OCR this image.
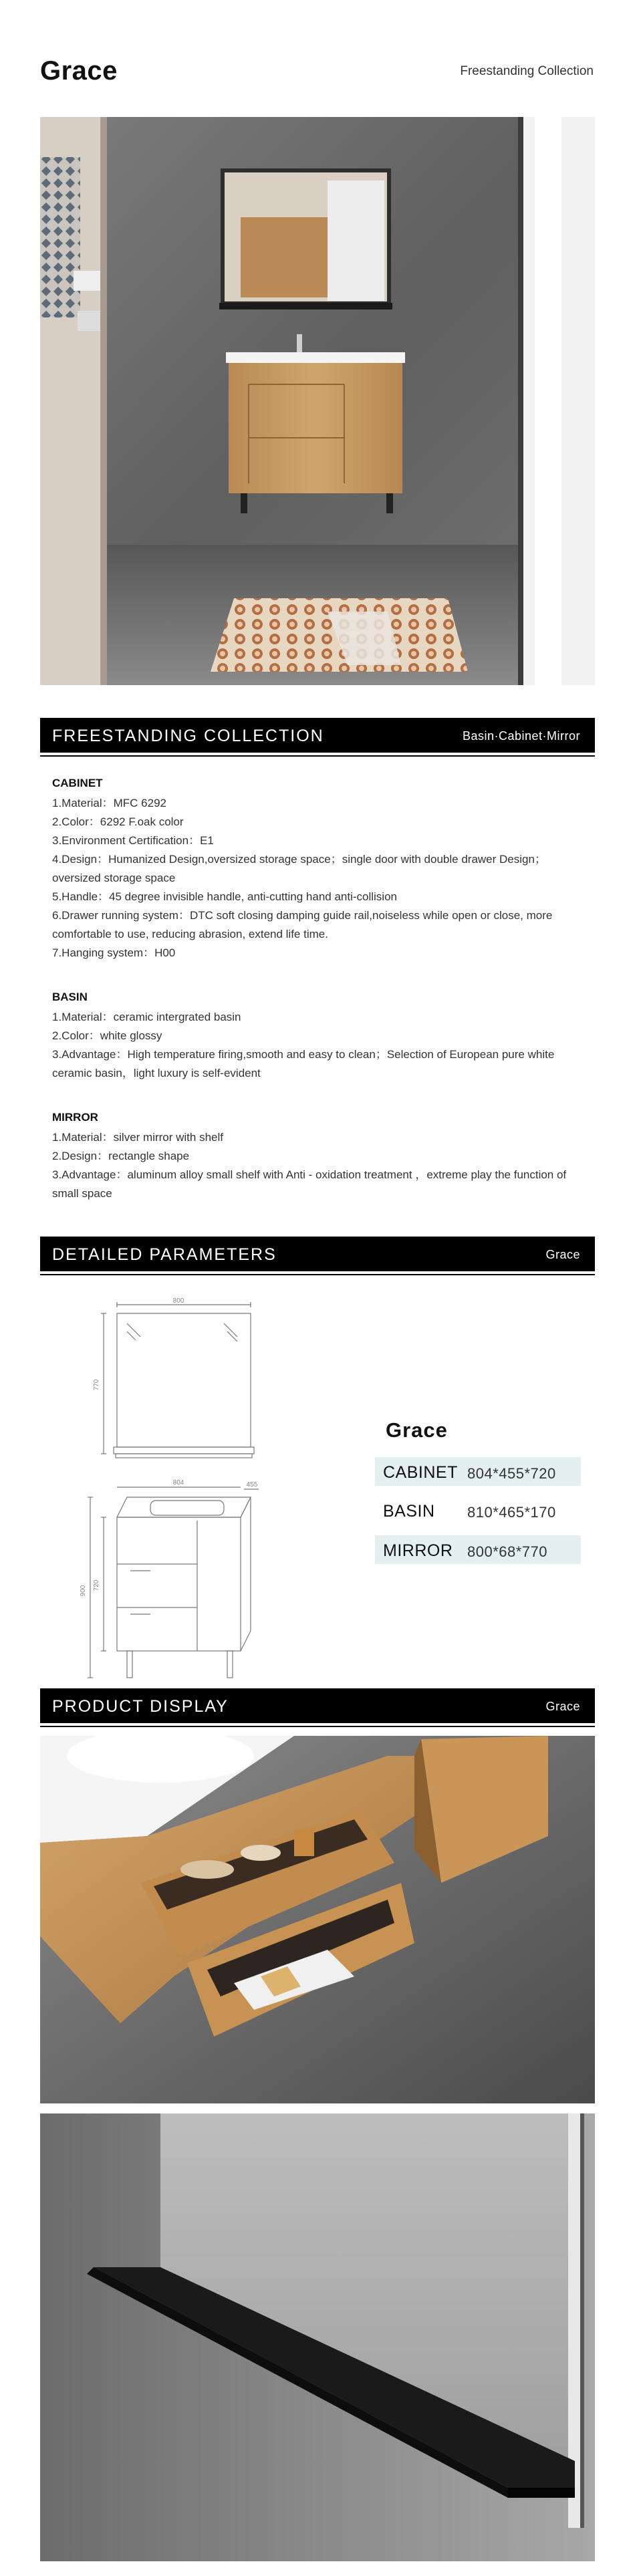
Grace	Freestanding Collection
FREESTANDING COLLECTION	Basin·Cabinet·Mirror
CABINET
1.Material：MFC 6292
2.Color：6292 F.oak color
3.Environment Certification：E1
4.Design：Humanized Design,oversized storage space；single door with double drawer Design；oversized storage space
5.Handle：45 degree invisible handle, anti-cutting hand anti-collision
6.Drawer running system：DTC soft closing damping guide rail,noiseless while open or close, more comfortable to use, reducing abrasion, extend life time.
7.Hanging system：H00
BASIN
1.Material：ceramic intergrated basin
2.Color：white glossy
3.Advantage：High temperature firing,smooth and easy to clean；Selection of European pure white ceramic basin，light luxury is self-evident
MIRROR
1.Material：silver mirror with shelf
2.Design：rectangle shape
3.Advantage：aluminum alloy small shelf with Anti - oxidation treatment ，extreme play the function of small space
DETAILED PARAMETERS	Grace
800
770
804	455
900 720
Grace
CABINET 804*455*720
BASIN 810*465*170
MIRROR 800*68*770
PRODUCT DISPLAY	Grace
